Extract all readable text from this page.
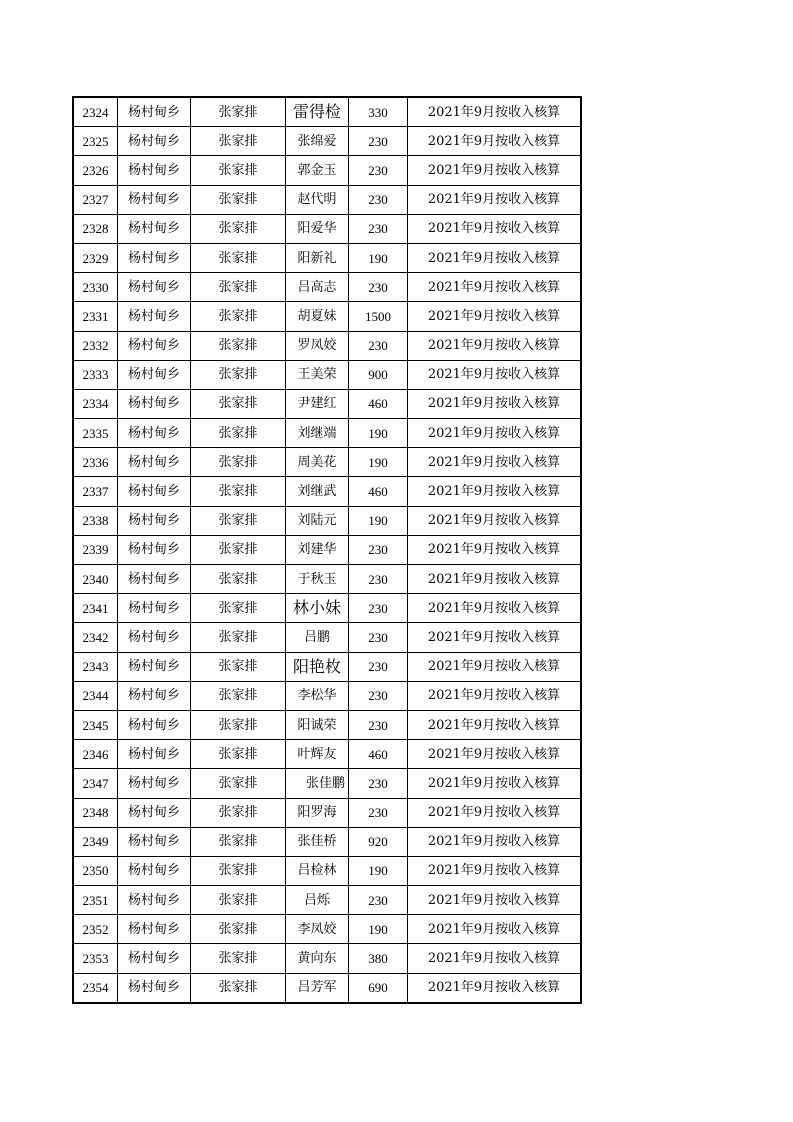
2324	杨村甸乡	张家排	雷得检	330	2021年9月按收入核算
2325	杨村甸乡	张家排	张绵爱	230	2021年9月按收入核算
2326	杨村甸乡	张家排	郭金玉	230	2021年9月按收入核算
2327	杨村甸乡	张家排	赵代明	230	2021年9月按收入核算
2328	杨村甸乡	张家排	阳爱华	230	2021年9月按收入核算
2329	杨村甸乡	张家排	阳新礼	190	2021年9月按收入核算
2330	杨村甸乡	张家排	吕高志	230	2021年9月按收入核算
2331	杨村甸乡	张家排	胡夏妹	1500	2021年9月按收入核算
2332	杨村甸乡	张家排	罗凤姣	230	2021年9月按收入核算
2333	杨村甸乡	张家排	王美荣	900	2021年9月按收入核算
2334	杨村甸乡	张家排	尹建红	460	2021年9月按收入核算
2335	杨村甸乡	张家排	刘继端	190	2021年9月按收入核算
2336	杨村甸乡	张家排	周美花	190	2021年9月按收入核算
2337	杨村甸乡	张家排	刘继武	460	2021年9月按收入核算
2338	杨村甸乡	张家排	刘陆元	190	2021年9月按收入核算
2339	杨村甸乡	张家排	刘建华	230	2021年9月按收入核算
2340	杨村甸乡	张家排	于秋玉	230	2021年9月按收入核算
2341	杨村甸乡	张家排	林小妹	230	2021年9月按收入核算
2342	杨村甸乡	张家排	吕鹏	230	2021年9月按收入核算
2343	杨村甸乡	张家排	阳艳枚	230	2021年9月按收入核算
2344	杨村甸乡	张家排	李松华	230	2021年9月按收入核算
2345	杨村甸乡	张家排	阳诚荣	230	2021年9月按收入核算
2346	杨村甸乡	张家排	叶辉友	460	2021年9月按收入核算
2347	杨村甸乡	张家排	张佳鹏	230	2021年9月按收入核算
2348	杨村甸乡	张家排	阳罗海	230	2021年9月按收入核算
2349	杨村甸乡	张家排	张佳桥	920	2021年9月按收入核算
2350	杨村甸乡	张家排	吕检林	190	2021年9月按收入核算
2351	杨村甸乡	张家排	吕烁	230	2021年9月按收入核算
2352	杨村甸乡	张家排	李凤姣	190	2021年9月按收入核算
2353	杨村甸乡	张家排	黄向东	380	2021年9月按收入核算
2354	杨村甸乡	张家排	吕芳军	690	2021年9月按收入核算
